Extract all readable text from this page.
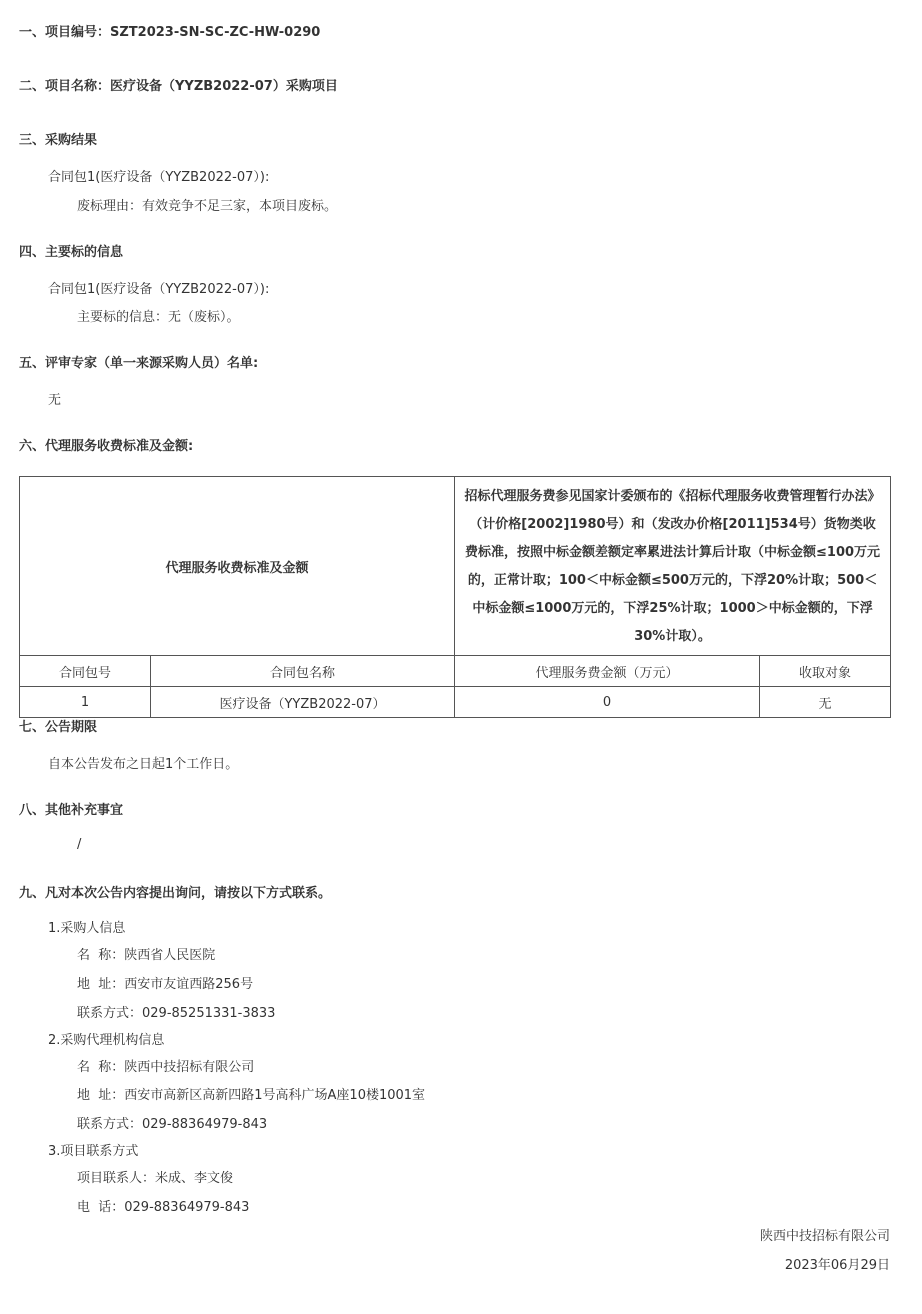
一、项目编号：SZT2023-SN-SC-ZC-HW-0290
二、项目名称：医疗设备（YYZB2022-07）采购项目
三、采购结果
合同包1(医疗设备（YYZB2022-07）):
废标理由：有效竞争不足三家，本项目废标。
四、主要标的信息
合同包1(医疗设备（YYZB2022-07）):
主要标的信息：无（废标）。
五、评审专家（单一来源采购人员）名单:
无
六、代理服务收费标准及金额:
代理服务收费标准及金额		招标代理服务费参见国家计委颁布的《招标代理服务收费管理暂行办法》（计价格[2002]1980号）和（发改办价格[2011]534号）货物类收费标准，按照中标金额差额定率累进法计算后计取（中标金额≤100万元的，正常计取；100＜中标金额≤500万元的，下浮20%计取；500＜中标金额≤1000万元的，下浮25%计取；1000＞中标金额的，下浮30%计取）。	
合同包号	合同包名称	代理服务费金额（万元）	收取对象
1	医疗设备（YYZB2022-07）	0	无
七、公告期限
自本公告发布之日起1个工作日。
八、其他补充事宜
/
九、凡对本次公告内容提出询问，请按以下方式联系。
1.采购人信息
名  称：陕西省人民医院
地  址：西安市友谊西路256号
联系方式：029-85251331-3833
2.采购代理机构信息
名  称：陕西中技招标有限公司
地  址：西安市高新区高新四路1号高科广场A座10楼1001室
联系方式：029-88364979-843
3.项目联系方式
项目联系人：米成、李文俊
电  话：029-88364979-843
陕西中技招标有限公司
2023年06月29日
